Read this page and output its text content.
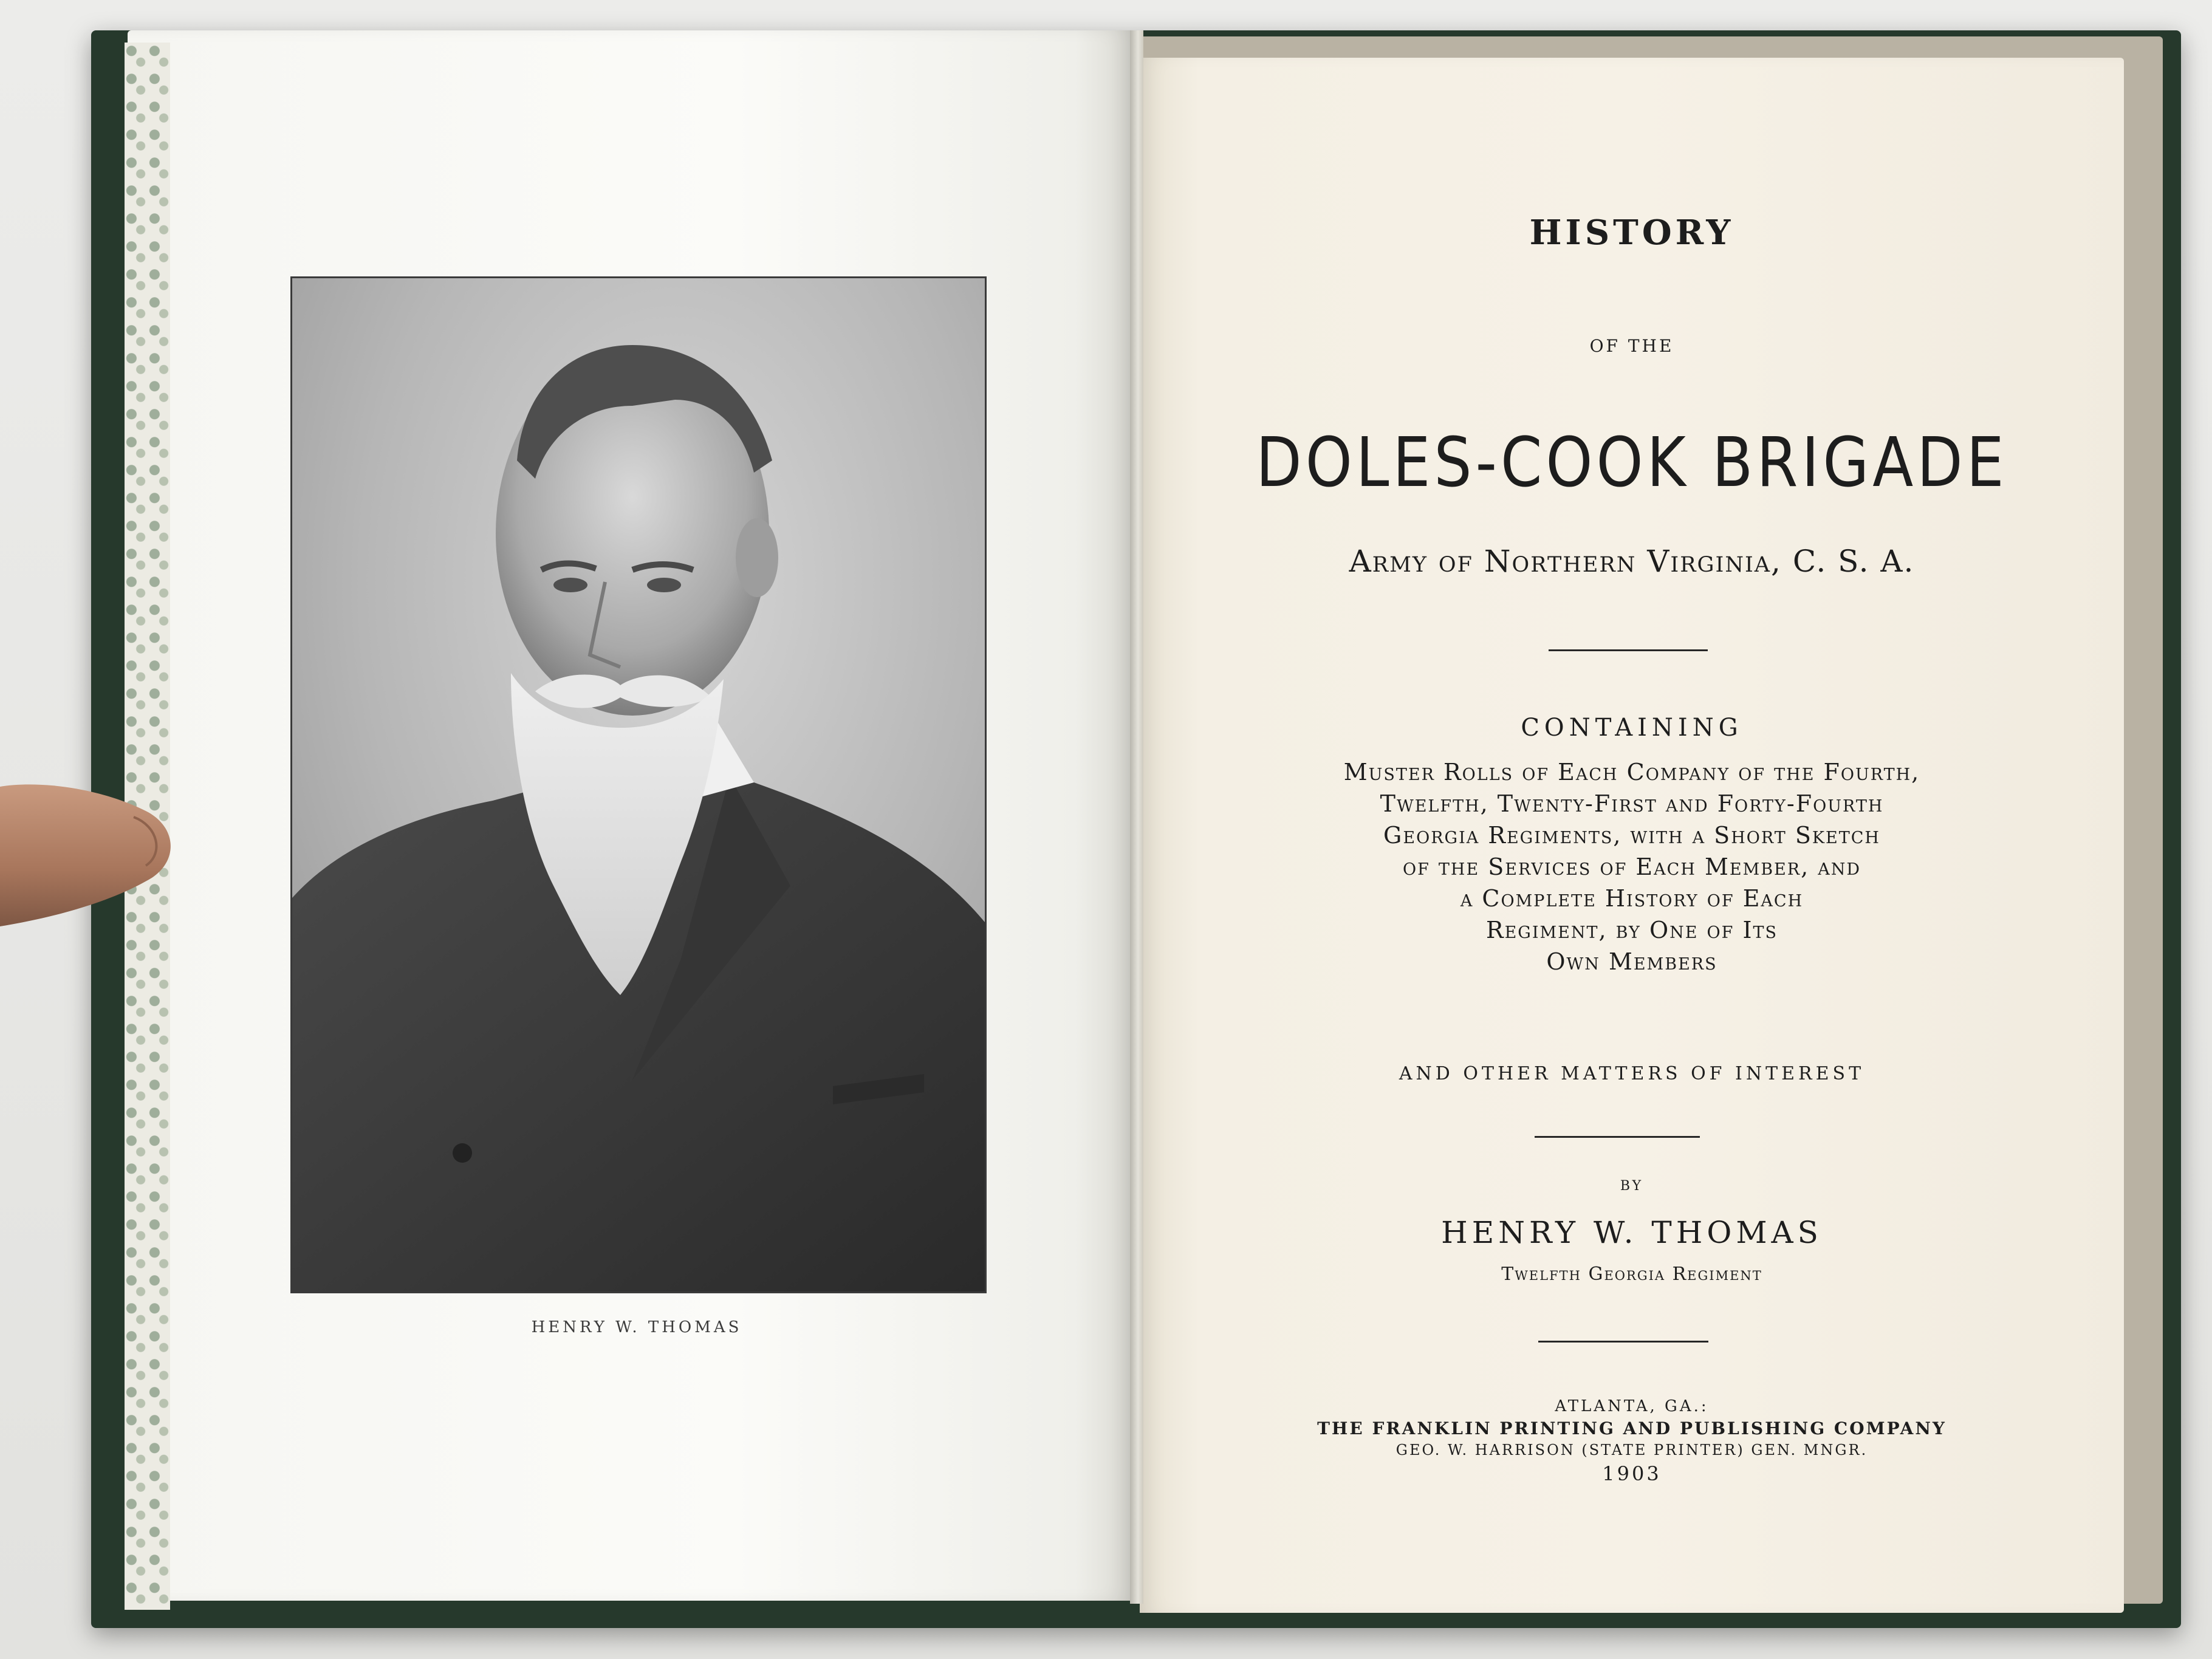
HENRY W. THOMAS
HISTORY
OF THE
DOLES-COOK BRIGADE
Army of Northern Virginia, C. S. A.
CONTAINING
Muster Rolls of Each Company of the Fourth,
Twelfth, Twenty-First and Forty-Fourth
Georgia Regiments, with a Short Sketch
of the Services of Each Member, and
a Complete History of Each
Regiment, by One of Its
Own Members
AND OTHER MATTERS OF INTEREST
BY
HENRY W. THOMAS
Twelfth Georgia Regiment
ATLANTA, GA.:
THE FRANKLIN PRINTING AND PUBLISHING COMPANY
GEO. W. HARRISON (STATE PRINTER) GEN. MNGR.
1903
